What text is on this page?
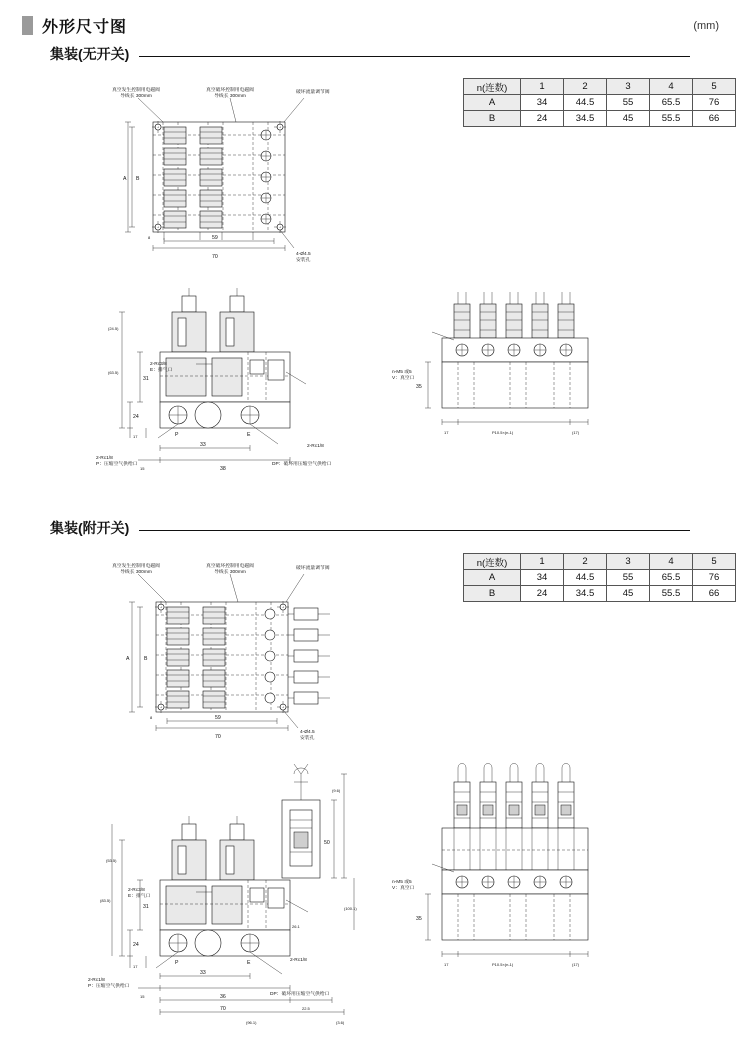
外形尺寸图	(mm)
集装(无开关)
n(连数)	1	2	3	4	5
A	34	44.5	55	65.5	76
B	24	34.5	45	55.5	66
A B
59
70
8
真空发生控制用电磁阀
导线长 300mm
真空破坏控制用电磁阀
导线长 300mm
破坏流量调节阀
4-Ø4.5
安装孔
P	E
31
24
(63.5)
(24.5)
17
33
38
15
2-Rc3/8
E：排气口
2-Rc1/8
2-Rc1/8
P：压缩空气供给口	DP：破坏用压缩空气供给口
35
17	P10.5×(n-1)	(17)
n-M5 或5
V：真空口
集装(附开关)
n(连数)	1	2	3	4	5
A	34	44.5	55	65.5	76
B	24	34.5	45	55.5	66
A	B
59
70
8
真空发生控制用电磁阀
导线长 300mm
真空破坏控制用电磁阀
导线长 300mm
破坏流量调节阀
4-Ø4.5
安装孔
P	E
31
24
(83.5)
(53.5)
17
50
(9.6)
(100.1)
26.1
33
36
70	22.5
(96.1)	(3.6)
15
2-Rc3/8
E：排气口
2-Rc1/8
2-Rc1/8
P：压缩空气供给口
DP：破坏用压缩空气供给口
35
17	P10.5×(n-1)	(17)
n-M5 或5
V：真空口
